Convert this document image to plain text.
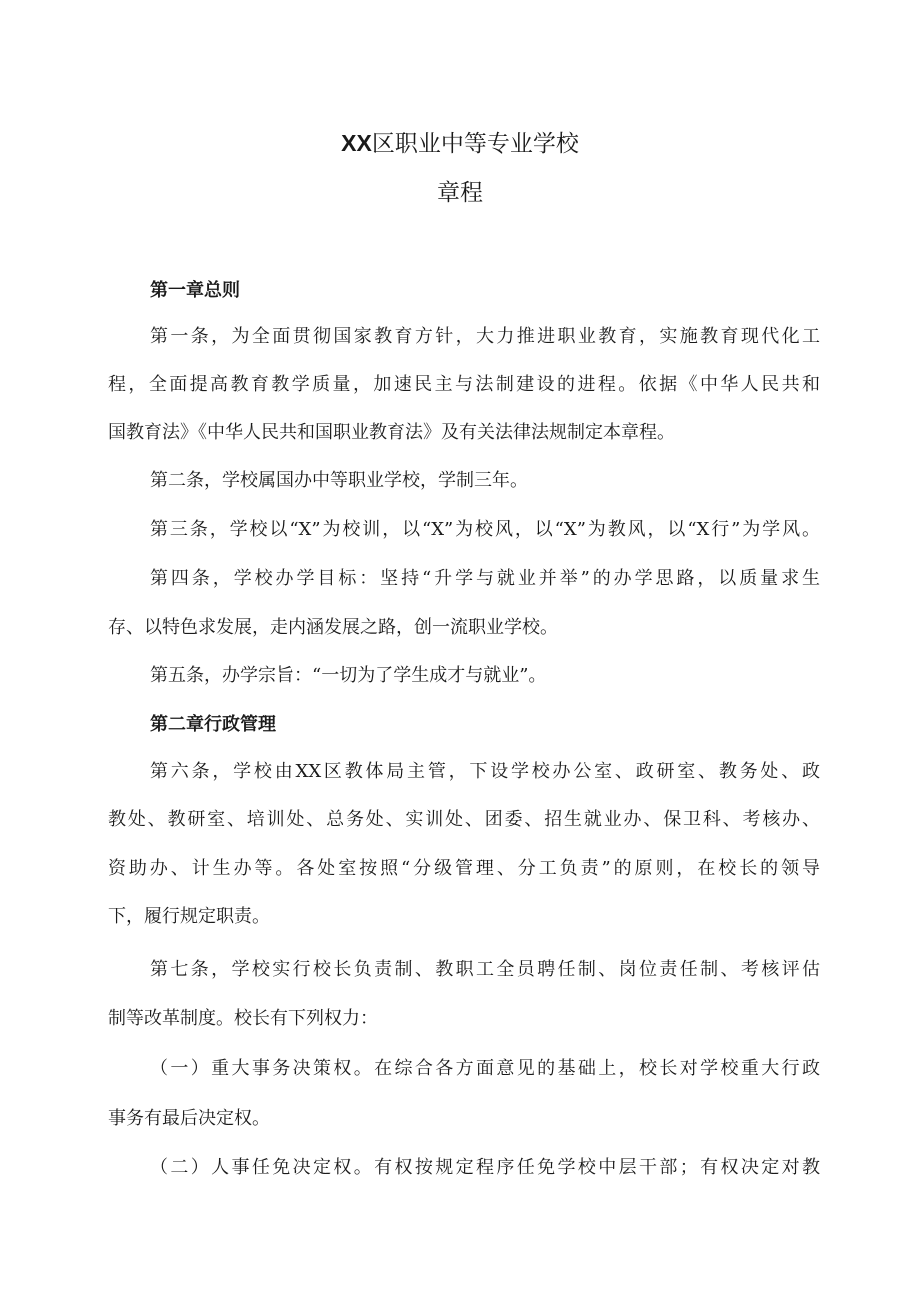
XX区职业中等专业学校
章程
第一章总则
第一条，为全面贯彻国家教育方针，大力推进职业教育，实施教育现代化工
程，全面提高教育教学质量，加速民主与法制建设的进程。依据《中华人民共和
国教育法》《中华人民共和国职业教育法》及有关法律法规制定本章程。
第二条，学校属国办中等职业学校，学制三年。
第三条，学校以“X”为校训，以“X”为校风，以“X”为教风，以“X行”为学风。
第四条，学校办学目标：坚持“升学与就业并举”的办学思路，以质量求生
存、以特色求发展，走内涵发展之路，创一流职业学校。
第五条，办学宗旨：“一切为了学生成才与就业”。
第二章行政管理
第六条，学校由XX区教体局主管，下设学校办公室、政研室、教务处、政
教处、教研室、培训处、总务处、实训处、团委、招生就业办、保卫科、考核办、
资助办、计生办等。各处室按照“分级管理、分工负责”的原则，在校长的领导
下，履行规定职责。
第七条，学校实行校长负责制、教职工全员聘任制、岗位责任制、考核评估
制等改革制度。校长有下列权力：
（一）重大事务决策权。在综合各方面意见的基础上，校长对学校重大行政
事务有最后决定权。
（二）人事任免决定权。有权按规定程序任免学校中层干部；有权决定对教
